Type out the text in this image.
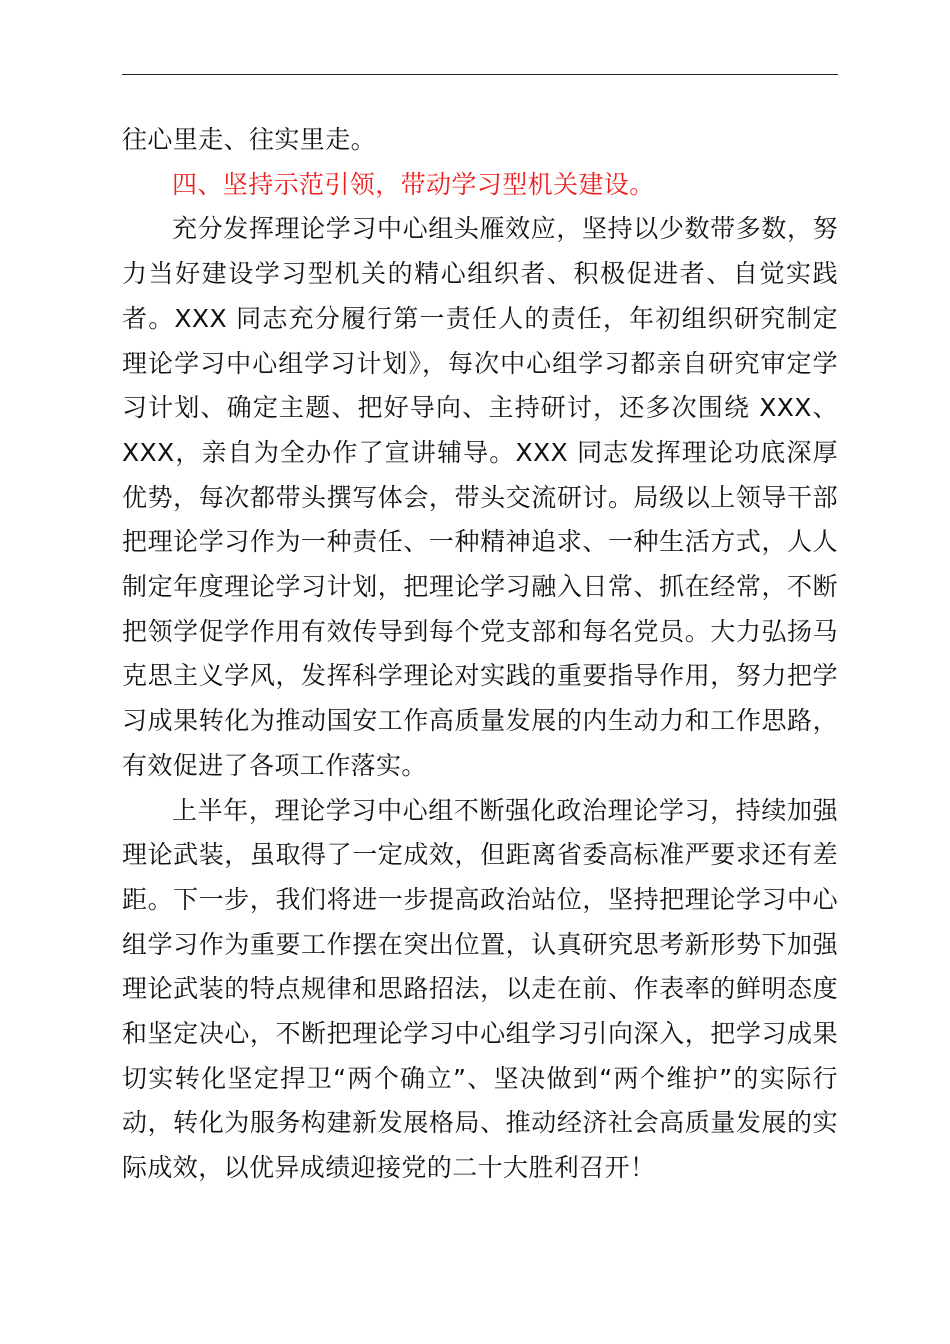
往心里走、往实里走。

四、坚持示范引领，带动学习型机关建设。

充分发挥理论学习中心组头雁效应，坚持以少数带多数，努力当好建设学习型机关的精心组织者、积极促进者、自觉实践者。XXX 同志充分履行第一责任人的责任，年初组织研究制定理论学习中心组学习计划》，每次中心组学习都亲自研究审定学习计划、确定主题、把好导向、主持研讨，还多次围绕 XXX、XXX，亲自为全办作了宣讲辅导。XXX 同志发挥理论功底深厚优势，每次都带头撰写体会，带头交流研讨。局级以上领导干部把理论学习作为一种责任、一种精神追求、一种生活方式，人人制定年度理论学习计划，把理论学习融入日常、抓在经常，不断把领学促学作用有效传导到每个党支部和每名党员。大力弘扬马克思主义学风，发挥科学理论对实践的重要指导作用，努力把学习成果转化为推动国安工作高质量发展的内生动力和工作思路，有效促进了各项工作落实。

上半年，理论学习中心组不断强化政治理论学习，持续加强理论武装，虽取得了一定成效，但距离省委高标准严要求还有差距。下一步，我们将进一步提高政治站位，坚持把理论学习中心组学习作为重要工作摆在突出位置，认真研究思考新形势下加强理论武装的特点规律和思路招法，以走在前、作表率的鲜明态度和坚定决心，不断把理论学习中心组学习引向深入，把学习成果切实转化坚定捍卫“两个确立”、坚决做到“两个维护”的实际行动，转化为服务构建新发展格局、推动经济社会高质量发展的实际成效，以优异成绩迎接党的二十大胜利召开！
